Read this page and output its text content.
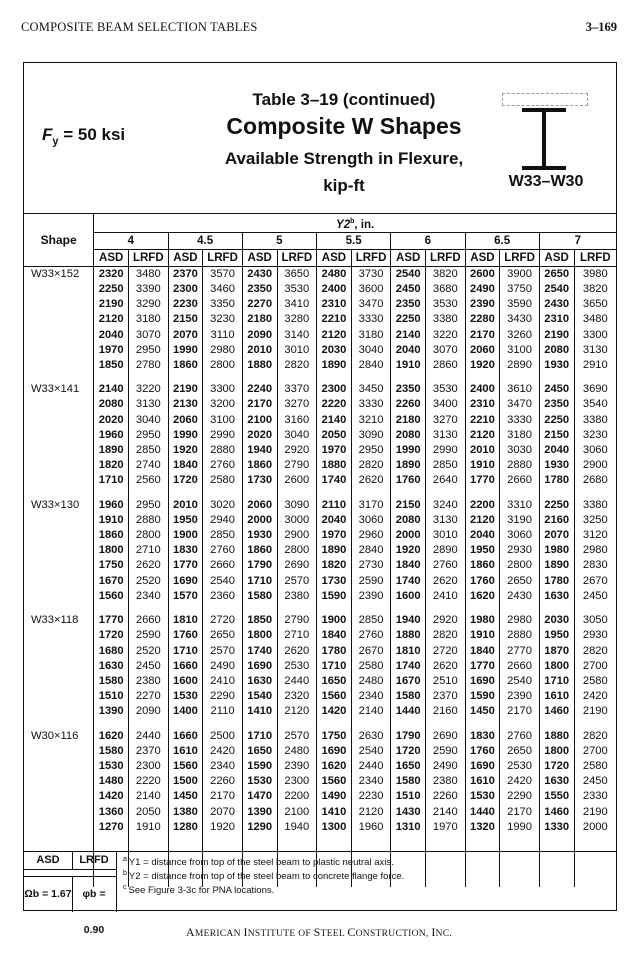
COMPOSITE BEAM SELECTION TABLES	3–169
$F_y = 50$ ksi
Table 3–19 (continued)
Composite W Shapes
Available Strength in Flexure,
kip-ft	W33–W30
Shape	Y2$^b$, in.													
	4		4.5		5		5.5		6		6.5		7	
	ASD	LRFD	ASD	LRFD	ASD	LRFD	ASD	LRFD	ASD	LRFD	ASD	LRFD	ASD	LRFD
W33×152	2320	3480	2370	3570	2430	3650	2480	3730	2540	3820	2600	3900	2650	3980
	2250	3390	2300	3460	2350	3530	2400	3600	2450	3680	2490	3750	2540	3820
	2190	3290	2230	3350	2270	3410	2310	3470	2350	3530	2390	3590	2430	3650
	2120	3180	2150	3230	2180	3280	2210	3330	2250	3380	2280	3430	2310	3480
	2040	3070	2070	3110	2090	3140	2120	3180	2140	3220	2170	3260	2190	3300
	1970	2950	1990	2980	2010	3010	2030	3040	2040	3070	2060	3100	2080	3130
	1850	2780	1860	2800	1880	2820	1890	2840	1910	2860	1920	2890	1930	2910

W33×141	2140	3220	2190	3300	2240	3370	2300	3450	2350	3530	2400	3610	2450	3690
	2080	3130	2130	3200	2170	3270	2220	3330	2260	3400	2310	3470	2350	3540
	2020	3040	2060	3100	2100	3160	2140	3210	2180	3270	2210	3330	2250	3380
	1960	2950	1990	2990	2020	3040	2050	3090	2080	3130	2120	3180	2150	3230
	1890	2850	1920	2880	1940	2920	1970	2950	1990	2990	2010	3030	2040	3060
	1820	2740	1840	2760	1860	2790	1880	2820	1890	2850	1910	2880	1930	2900
	1710	2560	1720	2580	1730	2600	1740	2620	1760	2640	1770	2660	1780	2680

W33×130	1960	2950	2010	3020	2060	3090	2110	3170	2150	3240	2200	3310	2250	3380
	1910	2880	1950	2940	2000	3000	2040	3060	2080	3130	2120	3190	2160	3250
	1860	2800	1900	2850	1930	2900	1970	2960	2000	3010	2040	3060	2070	3120
	1800	2710	1830	2760	1860	2800	1890	2840	1920	2890	1950	2930	1980	2980
	1750	2620	1770	2660	1790	2690	1820	2730	1840	2760	1860	2800	1890	2830
	1670	2520	1690	2540	1710	2570	1730	2590	1740	2620	1760	2650	1780	2670
	1560	2340	1570	2360	1580	2380	1590	2390	1600	2410	1620	2430	1630	2450

W33×118	1770	2660	1810	2720	1850	2790	1900	2850	1940	2920	1980	2980	2030	3050
	1720	2590	1760	2650	1800	2710	1840	2760	1880	2820	1910	2880	1950	2930
	1680	2520	1710	2570	1740	2620	1780	2670	1810	2720	1840	2770	1870	2820
	1630	2450	1660	2490	1690	2530	1710	2580	1740	2620	1770	2660	1800	2700
	1580	2380	1600	2410	1630	2440	1650	2480	1670	2510	1690	2540	1710	2580
	1510	2270	1530	2290	1540	2320	1560	2340	1580	2370	1590	2390	1610	2420
	1390	2090	1400	2110	1410	2120	1420	2140	1440	2160	1450	2170	1460	2190

W30×116	1620	2440	1660	2500	1710	2570	1750	2630	1790	2690	1830	2760	1880	2820
	1580	2370	1610	2420	1650	2480	1690	2540	1720	2590	1760	2650	1800	2700
	1530	2300	1560	2340	1590	2390	1620	2440	1650	2490	1690	2530	1720	2580
	1480	2220	1500	2260	1530	2300	1560	2340	1580	2380	1610	2420	1630	2450
	1420	2140	1450	2170	1470	2200	1490	2230	1510	2260	1530	2290	1550	2330
	1360	2050	1380	2070	1390	2100	1410	2120	1430	2140	1440	2170	1460	2190
	1270	1910	1280	1920	1290	1940	1300	1960	1310	1970	1320	1990	1330	2000

ASD	LRFD
Ωb = 1.67	φb = 0.90
$^a$ Y1 = distance from top of the steel beam to plastic neutral axis.
$^b$ Y2 = distance from top of the steel beam to concrete flange force.
$^c$ See Figure 3-3c for PNA locations.
AMERICAN INSTITUTE OF STEEL CONSTRUCTION, INC.
